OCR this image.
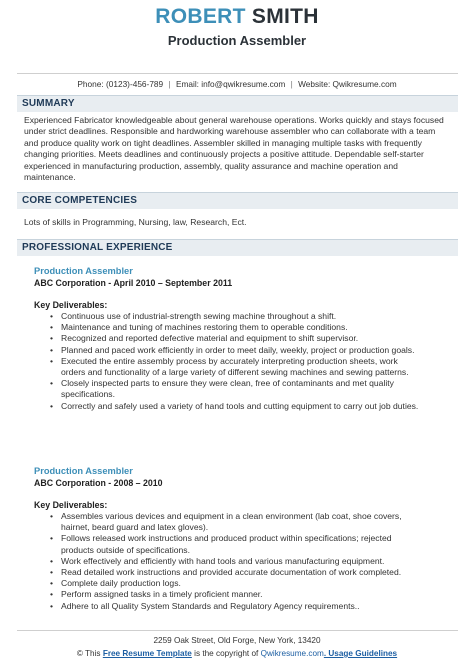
ROBERT SMITH
Production Assembler
Phone: (0123)-456-789 | Email: info@qwikresume.com | Website: Qwikresume.com
SUMMARY
Experienced Fabricator knowledgeable about general warehouse operations. Works quickly and stays focused under strict deadlines. Responsible and hardworking warehouse assembler who can collaborate with a team and produce quality work on tight deadlines. Assembler skilled in managing multiple tasks with frequently changing priorities. Meets deadlines and continuously projects a positive attitude. Dependable self-starter experienced in manufacturing production, assembly, quality assurance and machine operation and maintenance.
CORE COMPETENCIES
Lots of skills in Programming, Nursing, law, Research, Ect.
PROFESSIONAL EXPERIENCE
Production Assembler
ABC Corporation - April 2010 – September 2011
Key Deliverables:
• Continuous use of industrial-strength sewing machine throughout a shift.
• Maintenance and tuning of machines restoring them to operable conditions.
• Recognized and reported defective material and equipment to shift supervisor.
• Planned and paced work efficiently in order to meet daily, weekly, project or production goals.
• Executed the entire assembly process by accurately interpreting production sheets, work orders and functionality of a large variety of different sewing machines and sewing patterns.
• Closely inspected parts to ensure they were clean, free of contaminants and met quality specifications.
• Correctly and safely used a variety of hand tools and cutting equipment to carry out job duties.
Production Assembler
ABC Corporation - 2008 – 2010
Key Deliverables:
• Assembles various devices and equipment in a clean environment (lab coat, shoe covers, hairnet, beard guard and latex gloves).
• Follows released work instructions and produced product within specifications; rejected products outside of specifications.
• Work effectively and efficiently with hand tools and various manufacturing equipment.
• Read detailed work instructions and provided accurate documentation of work completed.
• Complete daily production logs.
• Perform assigned tasks in a timely proficient manner.
• Adhere to all Quality System Standards and Regulatory Agency requirements..
2259 Oak Street, Old Forge, New York, 13420
© This Free Resume Template is the copyright of Qwikresume.com. Usage Guidelines
